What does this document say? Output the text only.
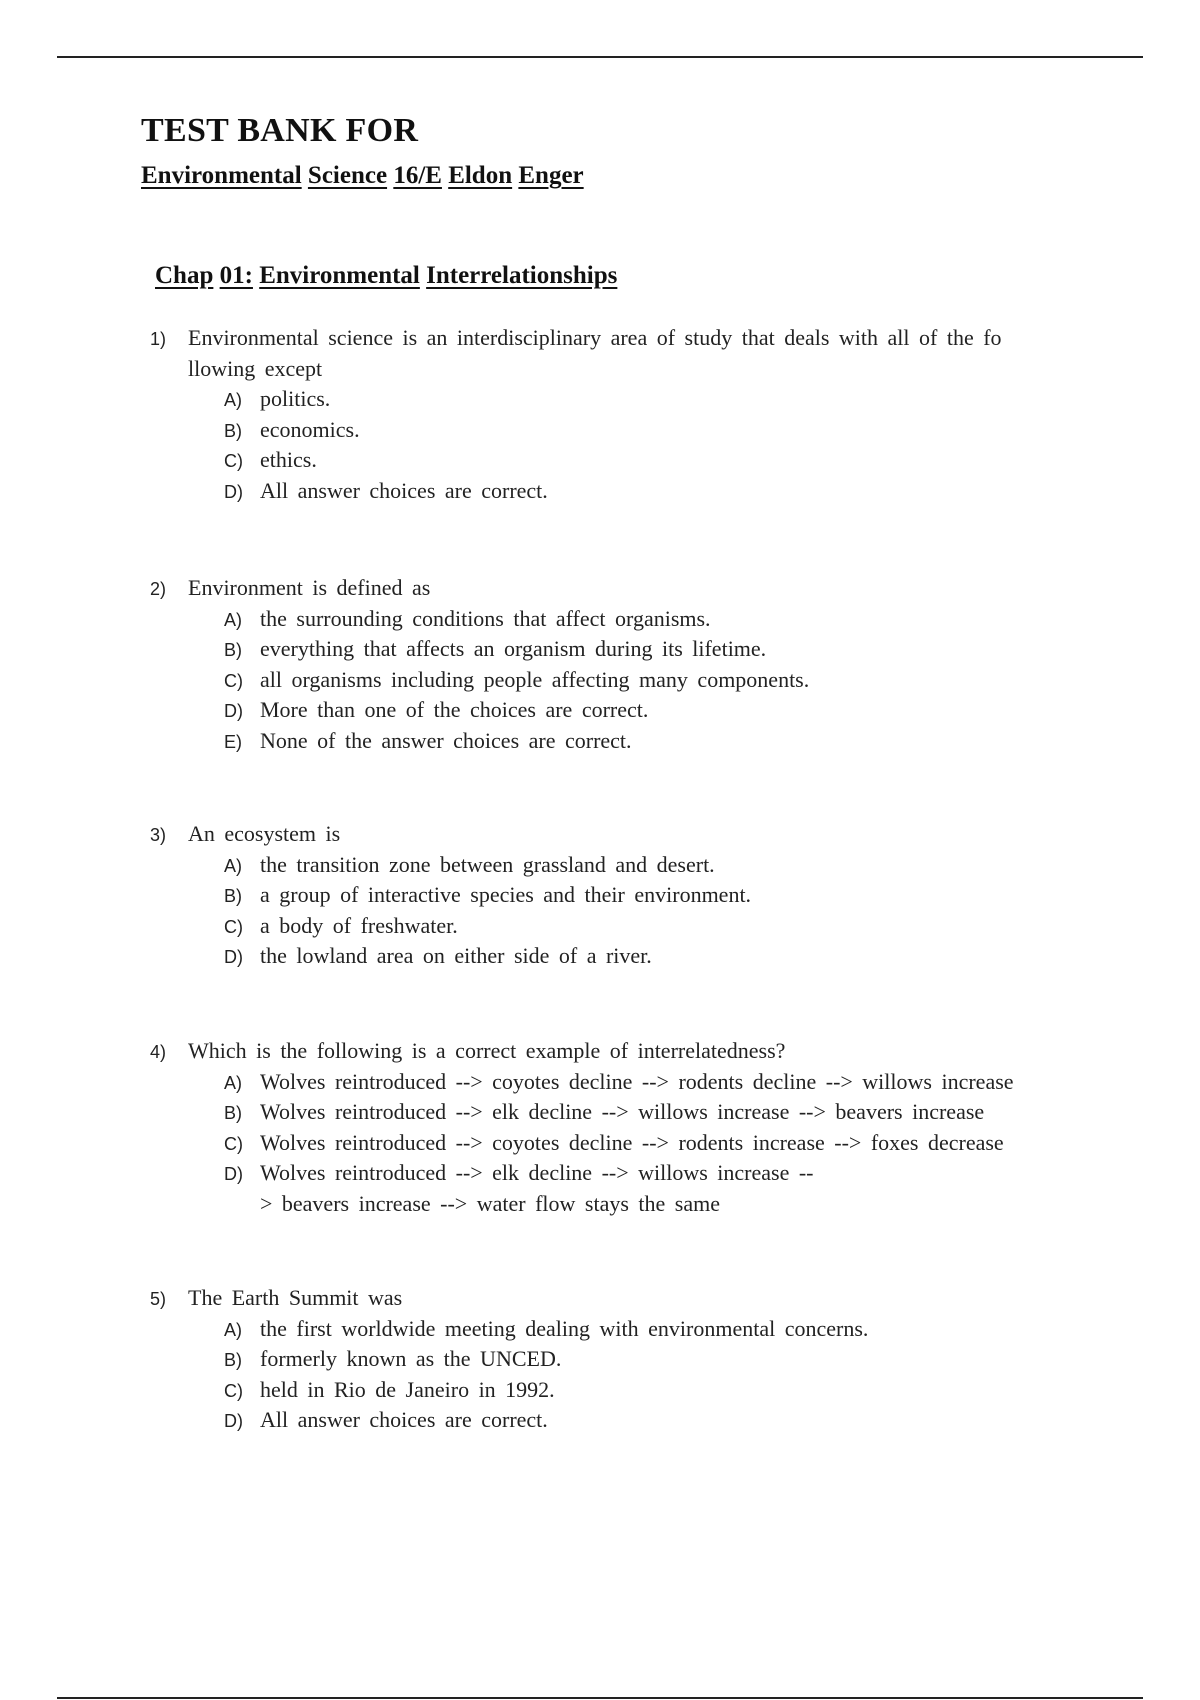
TEST BANK FOR
Environmental Science 16/E Eldon Enger
Chap 01: Environmental Interrelationships
1) Environmental science is an interdisciplinary area of study that deals with all of the fo
llowing except
A) politics.
B) economics.
C) ethics.
D) All answer choices are correct.
2) Environment is defined as
A) the surrounding conditions that affect organisms.
B) everything that affects an organism during its lifetime.
C) all organisms including people affecting many components.
D) More than one of the choices are correct.
E) None of the answer choices are correct.
3) An ecosystem is
A) the transition zone between grassland and desert.
B) a group of interactive species and their environment.
C) a body of freshwater.
D) the lowland area on either side of a river.
4) Which is the following is a correct example of interrelatedness?
A) Wolves reintroduced --> coyotes decline --> rodents decline --> willows increase
B) Wolves reintroduced --> elk decline --> willows increase --> beavers increase
C) Wolves reintroduced --> coyotes decline --> rodents increase --> foxes decrease
D) Wolves reintroduced --> elk decline --> willows increase --
> beavers increase --> water flow stays the same
5) The Earth Summit was
A) the first worldwide meeting dealing with environmental concerns.
B) formerly known as the UNCED.
C) held in Rio de Janeiro in 1992.
D) All answer choices are correct.
